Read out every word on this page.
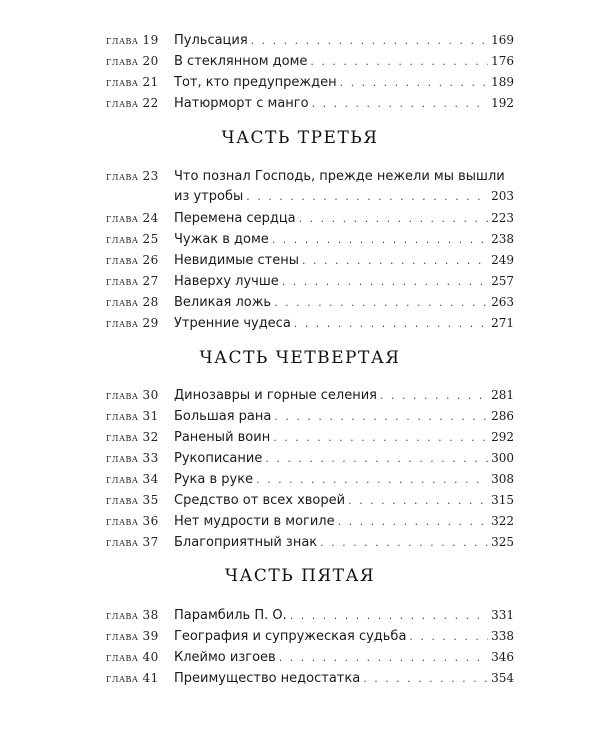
глава 19	Пульсация . . .	169
глава 20	В стеклянном доме . . .	176
глава 21	Тот, кто предупрежден . . .	189
глава 22	Натюрморт с манго . . .	192
ЧАСТЬ ТРЕТЬЯ
глава 23	Что познал Господь, прежде нежели мы вышли
из утробы . . .	203
глава 24	Перемена сердца . . .	223
глава 25	Чужак в доме . . .	238
глава 26	Невидимые стены . . .	249
глава 27	Наверху лучше . . .	257
глава 28	Великая ложь . . .	263
глава 29	Утренние чудеса . . .	271
ЧАСТЬ ЧЕТВЕРТАЯ
глава 30	Динозавры и горные селения . . .	281
глава 31	Большая рана . . .	286
глава 32	Раненый воин . . .	292
глава 33	Рукописание . . .	300
глава 34	Рука в руке . . .	308
глава 35	Средство от всех хворей . . .	315
глава 36	Нет мудрости в могиле . . .	322
глава 37	Благоприятный знак . . .	325
ЧАСТЬ ПЯТАЯ
глава 38	Парамбиль П. О. . . .	331
глава 39	География и супружеская судьба . . .	338
глава 40	Клеймо изгоев . . .	346
глава 41	Преимущество недостатка . . .	354
